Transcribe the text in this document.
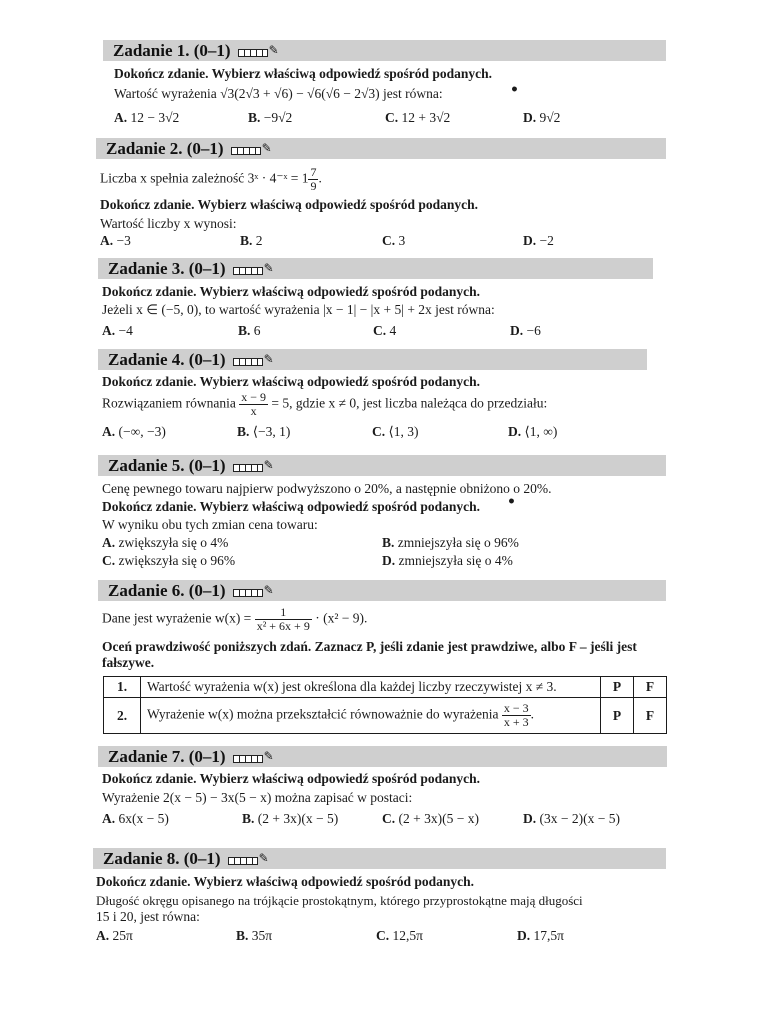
Zadanie 1. (0–1)	✎
Dokończ zdanie. Wybierz właściwą odpowiedź spośród podanych.
Wartość wyrażenia √3(2√3 + √6) − √6(√6 − 2√3) jest równa:	•
A. 12 − 3√2	B. −9√2	C. 12 + 3√2	D. 9√2
Zadanie 2. (0–1)	✎
Liczba x spełnia zależność 3ˣ · 4⁻ˣ = $1 \frac{7}{9}$ .
Dokończ zdanie. Wybierz właściwą odpowiedź spośród podanych.
Wartość liczby x wynosi:
A. −3	B. 2	C. 3	D. −2
Zadanie 3. (0–1)	✎
Dokończ zdanie. Wybierz właściwą odpowiedź spośród podanych.
Jeżeli x ∈ (−5, 0), to wartość wyrażenia |x − 1| − |x + 5| + 2x jest równa:
A. −4	B. 6	C. 4	D. −6
Zadanie 4. (0–1)	✎
Dokończ zdanie. Wybierz właściwą odpowiedź spośród podanych.
Rozwiązaniem równania $\frac{x - 9}{x} = 5$, gdzie x ≠ 0, jest liczba należąca do przedziału:
A. (−∞, −3)	B. ⟨−3, 1)	C. ⟨1, 3)	D. ⟨1, ∞)
Zadanie 5. (0–1)	✎
Cenę pewnego towaru najpierw podwyższono o 20%, a następnie obniżono o 20%.
Dokończ zdanie. Wybierz właściwą odpowiedź spośród podanych. •
W wyniku obu tych zmian cena towaru:
A. zwiększyła się o 4%	B. zmniejszyła się o 96%
C. zwiększyła się o 96%	D. zmniejszyła się o 4%
Zadanie 6. (0–1)	✎
Dane jest wyrażenie $w(x) = \frac{1}{\text{x² + 6x + 9}} \cdot (x^2 - 9)$.
Oceń prawdziwość poniższych zdań. Zaznacz P, jeśli zdanie jest prawdziwe, albo F – jeśli jest
fałszywe.
1.	Wartość wyrażenia w(x) jest określona dla każdej liczby rzeczywistej x ≠ 3.	P	F
2.	Wyrażenie w(x) można przekształcić równoważnie do wyrażenia $\frac{x - 3}{x + 3}$ .	P	F
Zadanie 7. (0–1)	✎
Dokończ zdanie. Wybierz właściwą odpowiedź spośród podanych.
Wyrażenie 2(x − 5) − 3x(5 − x) można zapisać w postaci:
A. 6x(x − 5)	B. (2 + 3x)(x − 5)	C. (2 + 3x)(5 − x)	D. (3x − 2)(x − 5)
Zadanie 8. (0–1)	✎
Dokończ zdanie. Wybierz właściwą odpowiedź spośród podanych.
Długość okręgu opisanego na trójkącie prostokątnym, którego przyprostokątne mają długości
15 i 20, jest równa:
A. 25π	B. 35π	C. 12,5π	D. 17,5π
